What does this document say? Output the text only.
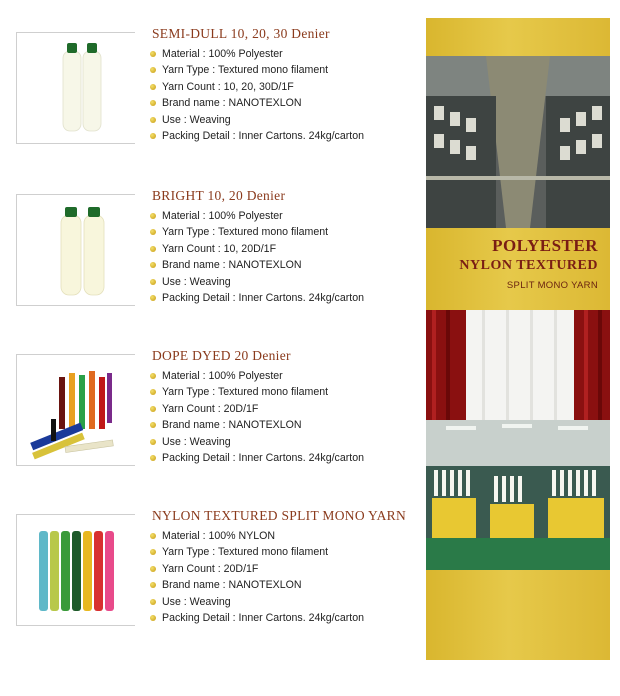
SEMI-DULL 10, 20, 30 Denier
Material : 100% Polyester
Yarn Type : Textured mono filament
Yarn Count : 10, 20, 30D/1F
Brand name : NANOTEXLON
Use : Weaving
Packing Detail : Inner Cartons. 24kg/carton
BRIGHT 10, 20 Denier
Material : 100% Polyester
Yarn Type : Textured mono filament
Yarn Count : 10, 20D/1F
Brand name : NANOTEXLON
Use : Weaving
Packing Detail : Inner Cartons. 24kg/carton
DOPE DYED 20 Denier
Material : 100% Polyester
Yarn Type : Textured mono filament
Yarn Count : 20D/1F
Brand name : NANOTEXLON
Use : Weaving
Packing Detail : Inner Cartons. 24kg/carton
NYLON TEXTURED SPLIT MONO YARN
Material : 100% NYLON
Yarn Type : Textured mono filament
Yarn Count : 20D/1F
Brand name : NANOTEXLON
Use : Weaving
Packing Detail : Inner Cartons. 24kg/carton
POLYESTER
NYLON TEXTURED
SPLIT MONO YARN
